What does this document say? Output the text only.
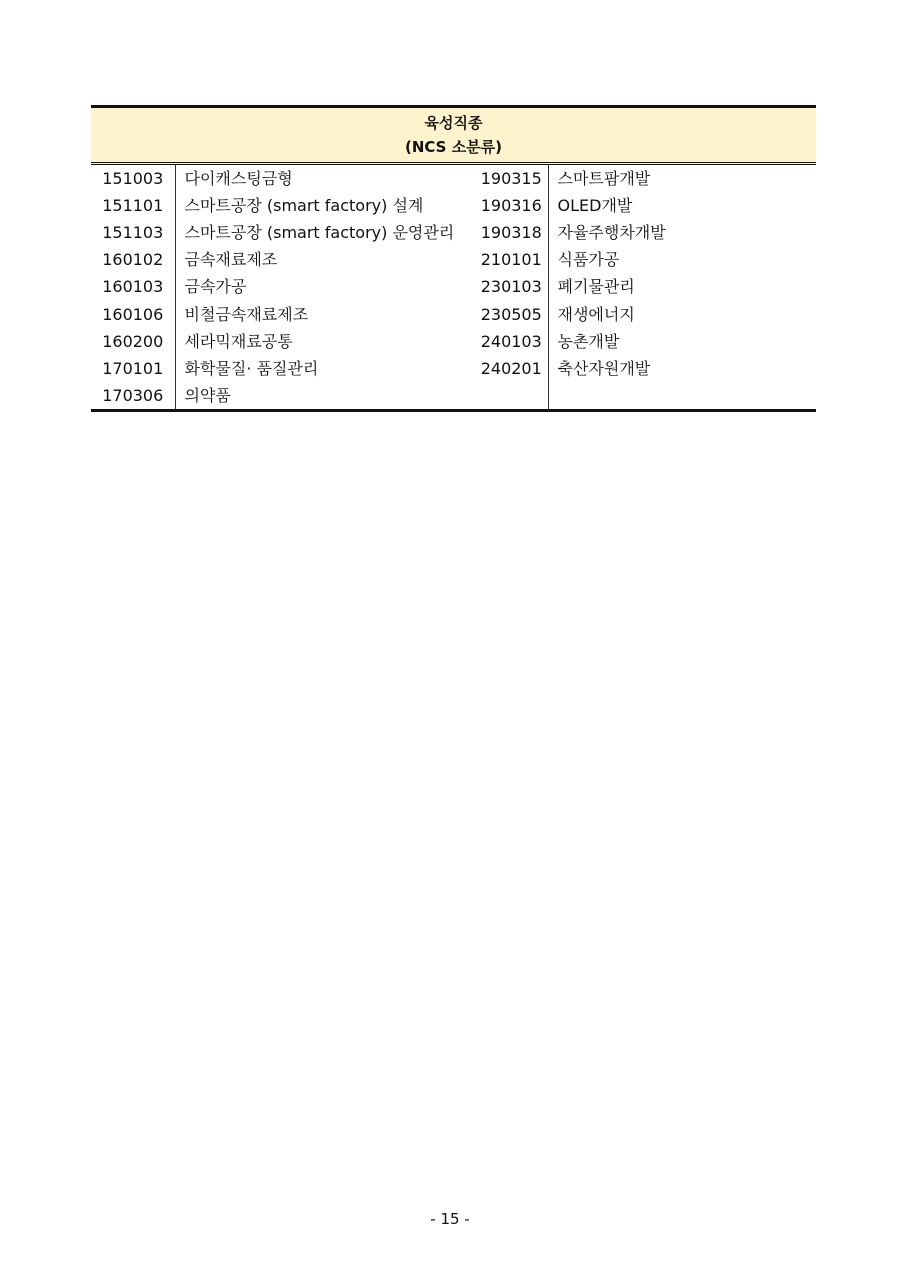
육성직종
(NCS 소분류)			

151003	다이캐스팅금형	190315	스마트팜개발
151101	스마트공장 (smart factory) 설계	190316	OLED개발
151103	스마트공장 (smart factory) 운영관리	190318	자율주행차개발
160102	금속재료제조	210101	식품가공
160103	금속가공	230103	폐기물관리
160106	비철금속재료제조	230505	재생에너지
160200	세라믹재료공통	240103	농촌개발
170101	화학물질· 품질관리	240201	축산자원개발
170306	의약품		
- 15 -
